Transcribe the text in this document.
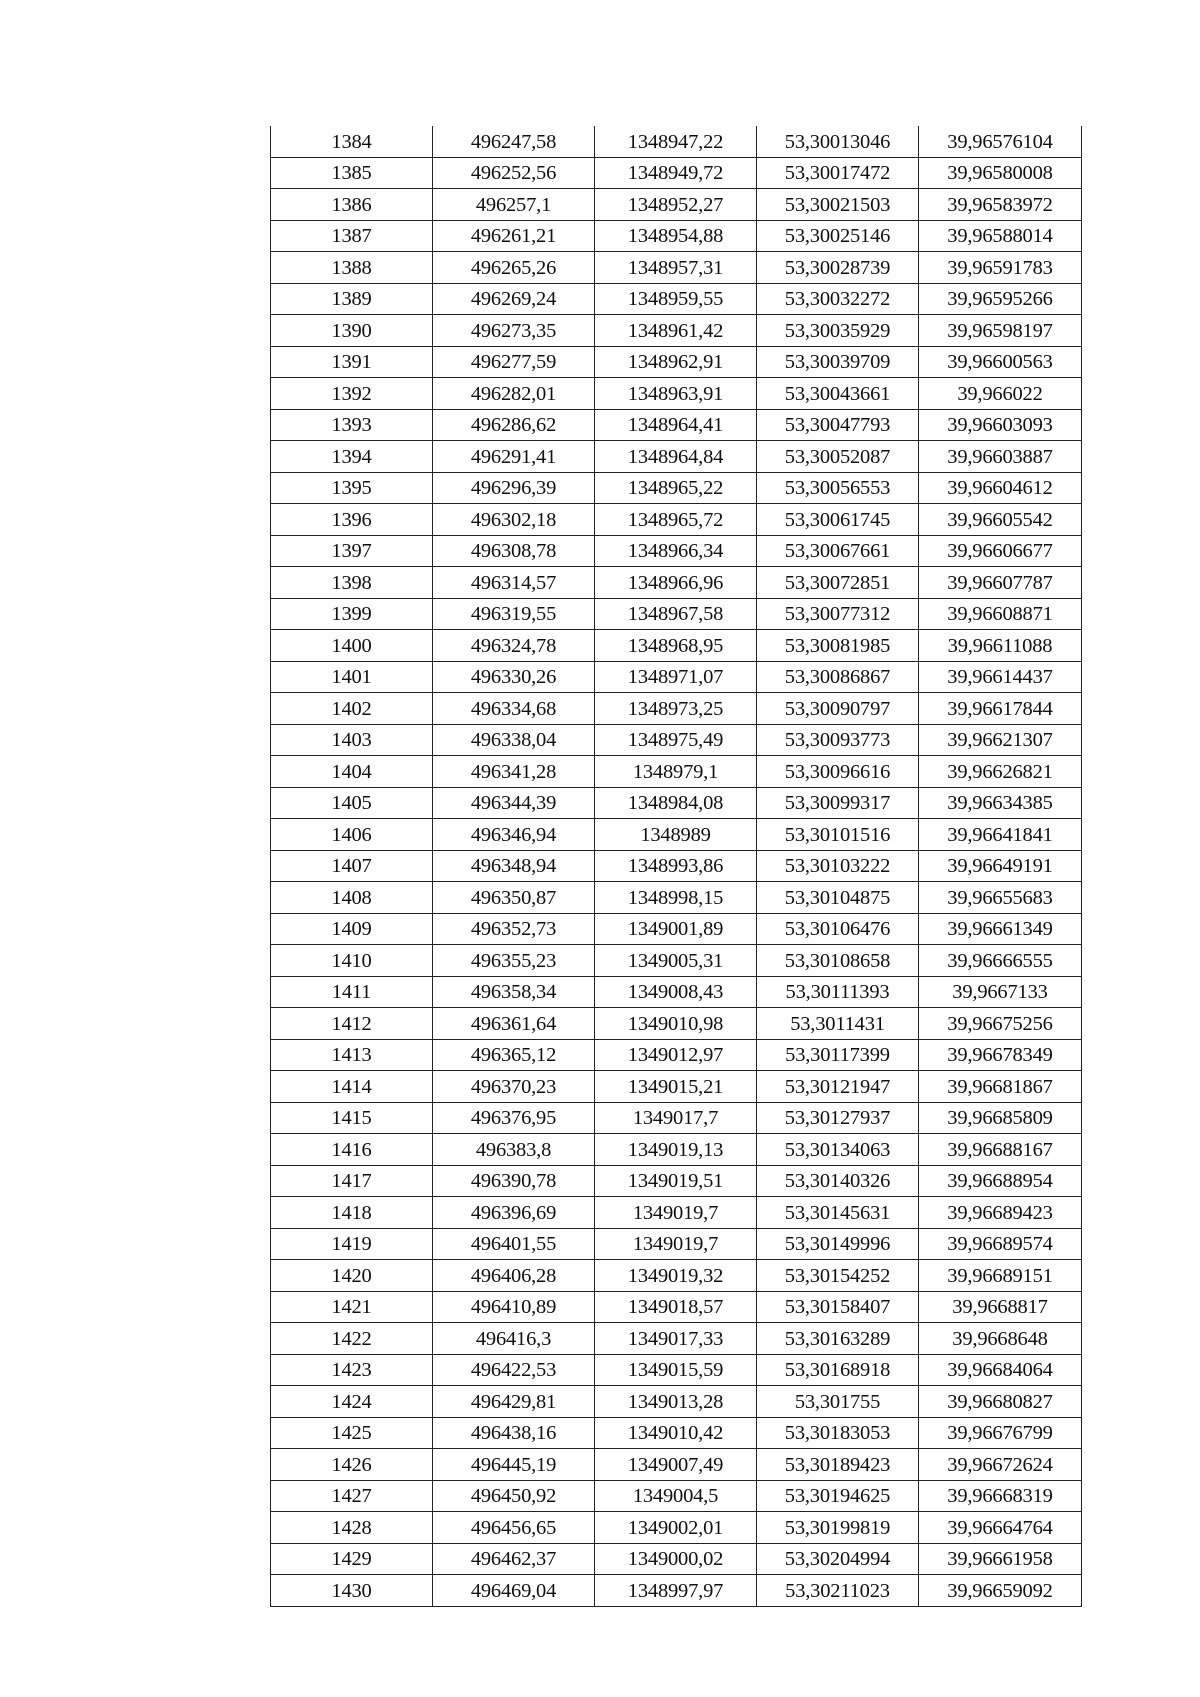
1384	496247,58	1348947,22	53,30013046	39,96576104
1385	496252,56	1348949,72	53,30017472	39,96580008
1386	496257,1	1348952,27	53,30021503	39,96583972
1387	496261,21	1348954,88	53,30025146	39,96588014
1388	496265,26	1348957,31	53,30028739	39,96591783
1389	496269,24	1348959,55	53,30032272	39,96595266
1390	496273,35	1348961,42	53,30035929	39,96598197
1391	496277,59	1348962,91	53,30039709	39,96600563
1392	496282,01	1348963,91	53,30043661	39,966022
1393	496286,62	1348964,41	53,30047793	39,96603093
1394	496291,41	1348964,84	53,30052087	39,96603887
1395	496296,39	1348965,22	53,30056553	39,96604612
1396	496302,18	1348965,72	53,30061745	39,96605542
1397	496308,78	1348966,34	53,30067661	39,96606677
1398	496314,57	1348966,96	53,30072851	39,96607787
1399	496319,55	1348967,58	53,30077312	39,96608871
1400	496324,78	1348968,95	53,30081985	39,96611088
1401	496330,26	1348971,07	53,30086867	39,96614437
1402	496334,68	1348973,25	53,30090797	39,96617844
1403	496338,04	1348975,49	53,30093773	39,96621307
1404	496341,28	1348979,1	53,30096616	39,96626821
1405	496344,39	1348984,08	53,30099317	39,96634385
1406	496346,94	1348989	53,30101516	39,96641841
1407	496348,94	1348993,86	53,30103222	39,96649191
1408	496350,87	1348998,15	53,30104875	39,96655683
1409	496352,73	1349001,89	53,30106476	39,96661349
1410	496355,23	1349005,31	53,30108658	39,96666555
1411	496358,34	1349008,43	53,30111393	39,9667133
1412	496361,64	1349010,98	53,3011431	39,96675256
1413	496365,12	1349012,97	53,30117399	39,96678349
1414	496370,23	1349015,21	53,30121947	39,96681867
1415	496376,95	1349017,7	53,30127937	39,96685809
1416	496383,8	1349019,13	53,30134063	39,96688167
1417	496390,78	1349019,51	53,30140326	39,96688954
1418	496396,69	1349019,7	53,30145631	39,96689423
1419	496401,55	1349019,7	53,30149996	39,96689574
1420	496406,28	1349019,32	53,30154252	39,96689151
1421	496410,89	1349018,57	53,30158407	39,9668817
1422	496416,3	1349017,33	53,30163289	39,9668648
1423	496422,53	1349015,59	53,30168918	39,96684064
1424	496429,81	1349013,28	53,301755	39,96680827
1425	496438,16	1349010,42	53,30183053	39,96676799
1426	496445,19	1349007,49	53,30189423	39,96672624
1427	496450,92	1349004,5	53,30194625	39,96668319
1428	496456,65	1349002,01	53,30199819	39,96664764
1429	496462,37	1349000,02	53,30204994	39,96661958
1430	496469,04	1348997,97	53,30211023	39,96659092
